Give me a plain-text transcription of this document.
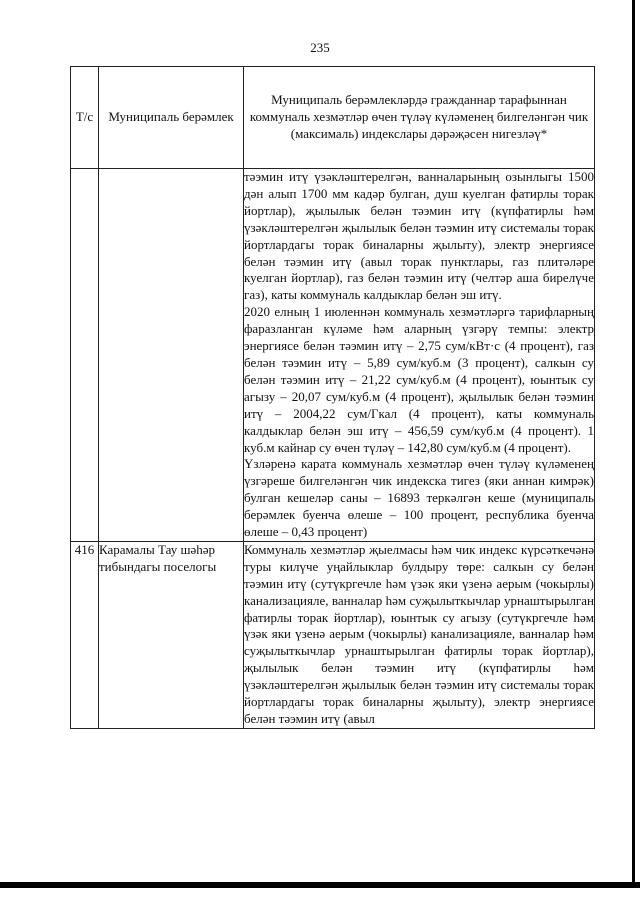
235
Т/с	Муниципаль берәмлек	Муниципаль берәмлекләрдә гражданнар тарафыннан коммуналь хезмәтләр өчен түләү күләменең билгеләнгән чик (максималь) индекслары дәрәҗәсен нигезләү*

		тәэмин итү үзәкләштерелгән, ванналарының озынлыгы 1500 дән алып 1700 мм кадәр булган, душ куелган фатирлы торак йортлар), җылылык белән тәэмин итү (күпфатирлы һәм үзәкләштерелгән җылылык белән тәэмин итү системалы торак йортлардагы торак биналарны җылыту), электр энергиясе белән тәэмин итү (авыл торак пунктлары, газ плитәләре куелган йортлар), газ белән тәэмин итү (челтәр аша бирелүче газ), каты коммуналь калдыклар белән эш итү.

2020 елның 1 июленнән коммуналь хезмәтләргә тарифларның фаразланган күләме һәм аларның үзгәрү темпы: электр энергиясе белән тәэмин итү – 2,75 сум/кВт·с (4 процент), газ белән тәэмин итү – 5,89 сум/куб.м (3 процент), салкын су белән тәэмин итү – 21,22 сум/куб.м (4 процент), юынтык су агызу – 20,07 сум/куб.м (4 процент), җылылык белән тәэмин итү – 2004,22 сум/Гкал (4 процент), каты коммуналь калдыклар белән эш итү – 456,59 сум/куб.м (4 процент). 1 куб.м кайнар су өчен түләү – 142,80 сум/куб.м (4 процент).

Үзләренә карата коммуналь хезмәтләр өчен түләү күләменең үзгәреше билгеләнгән чик индекска тигез (яки аннан кимрәк) булган кешеләр саны – 16893 теркәлгән кеше (муниципаль берәмлек буенча өлеше – 100 процент, республика буенча өлеше – 0,43 процент)

416	Карамалы Тау шәһәр тибындагы поселогы	Коммуналь хезмәтләр җыелмасы һәм чик индекс күрсәткечәнә туры килүче уңайлыклар булдыру төре: салкын су белән тәэмин итү (сутүкргечле һәм үзәк яки үзенә аерым (чокырлы) канализацияле, ванналар һәм суҗылыткычлар урнаштырылган фатирлы торак йортлар), юынтык су агызу (сутүкргечле һәм үзәк яки үзенә аерым (чокырлы) канализацияле, ванналар һәм суҗылыткычлар урнаштырылган фатирлы торак йортлар), җылылык белән тәэмин итү (күпфатирлы һәм үзәкләштерелгән җылылык белән тәэмин итү системалы торак йортлардагы торак биналарны җылыту), электр энергиясе белән тәэмин итү (авыл
